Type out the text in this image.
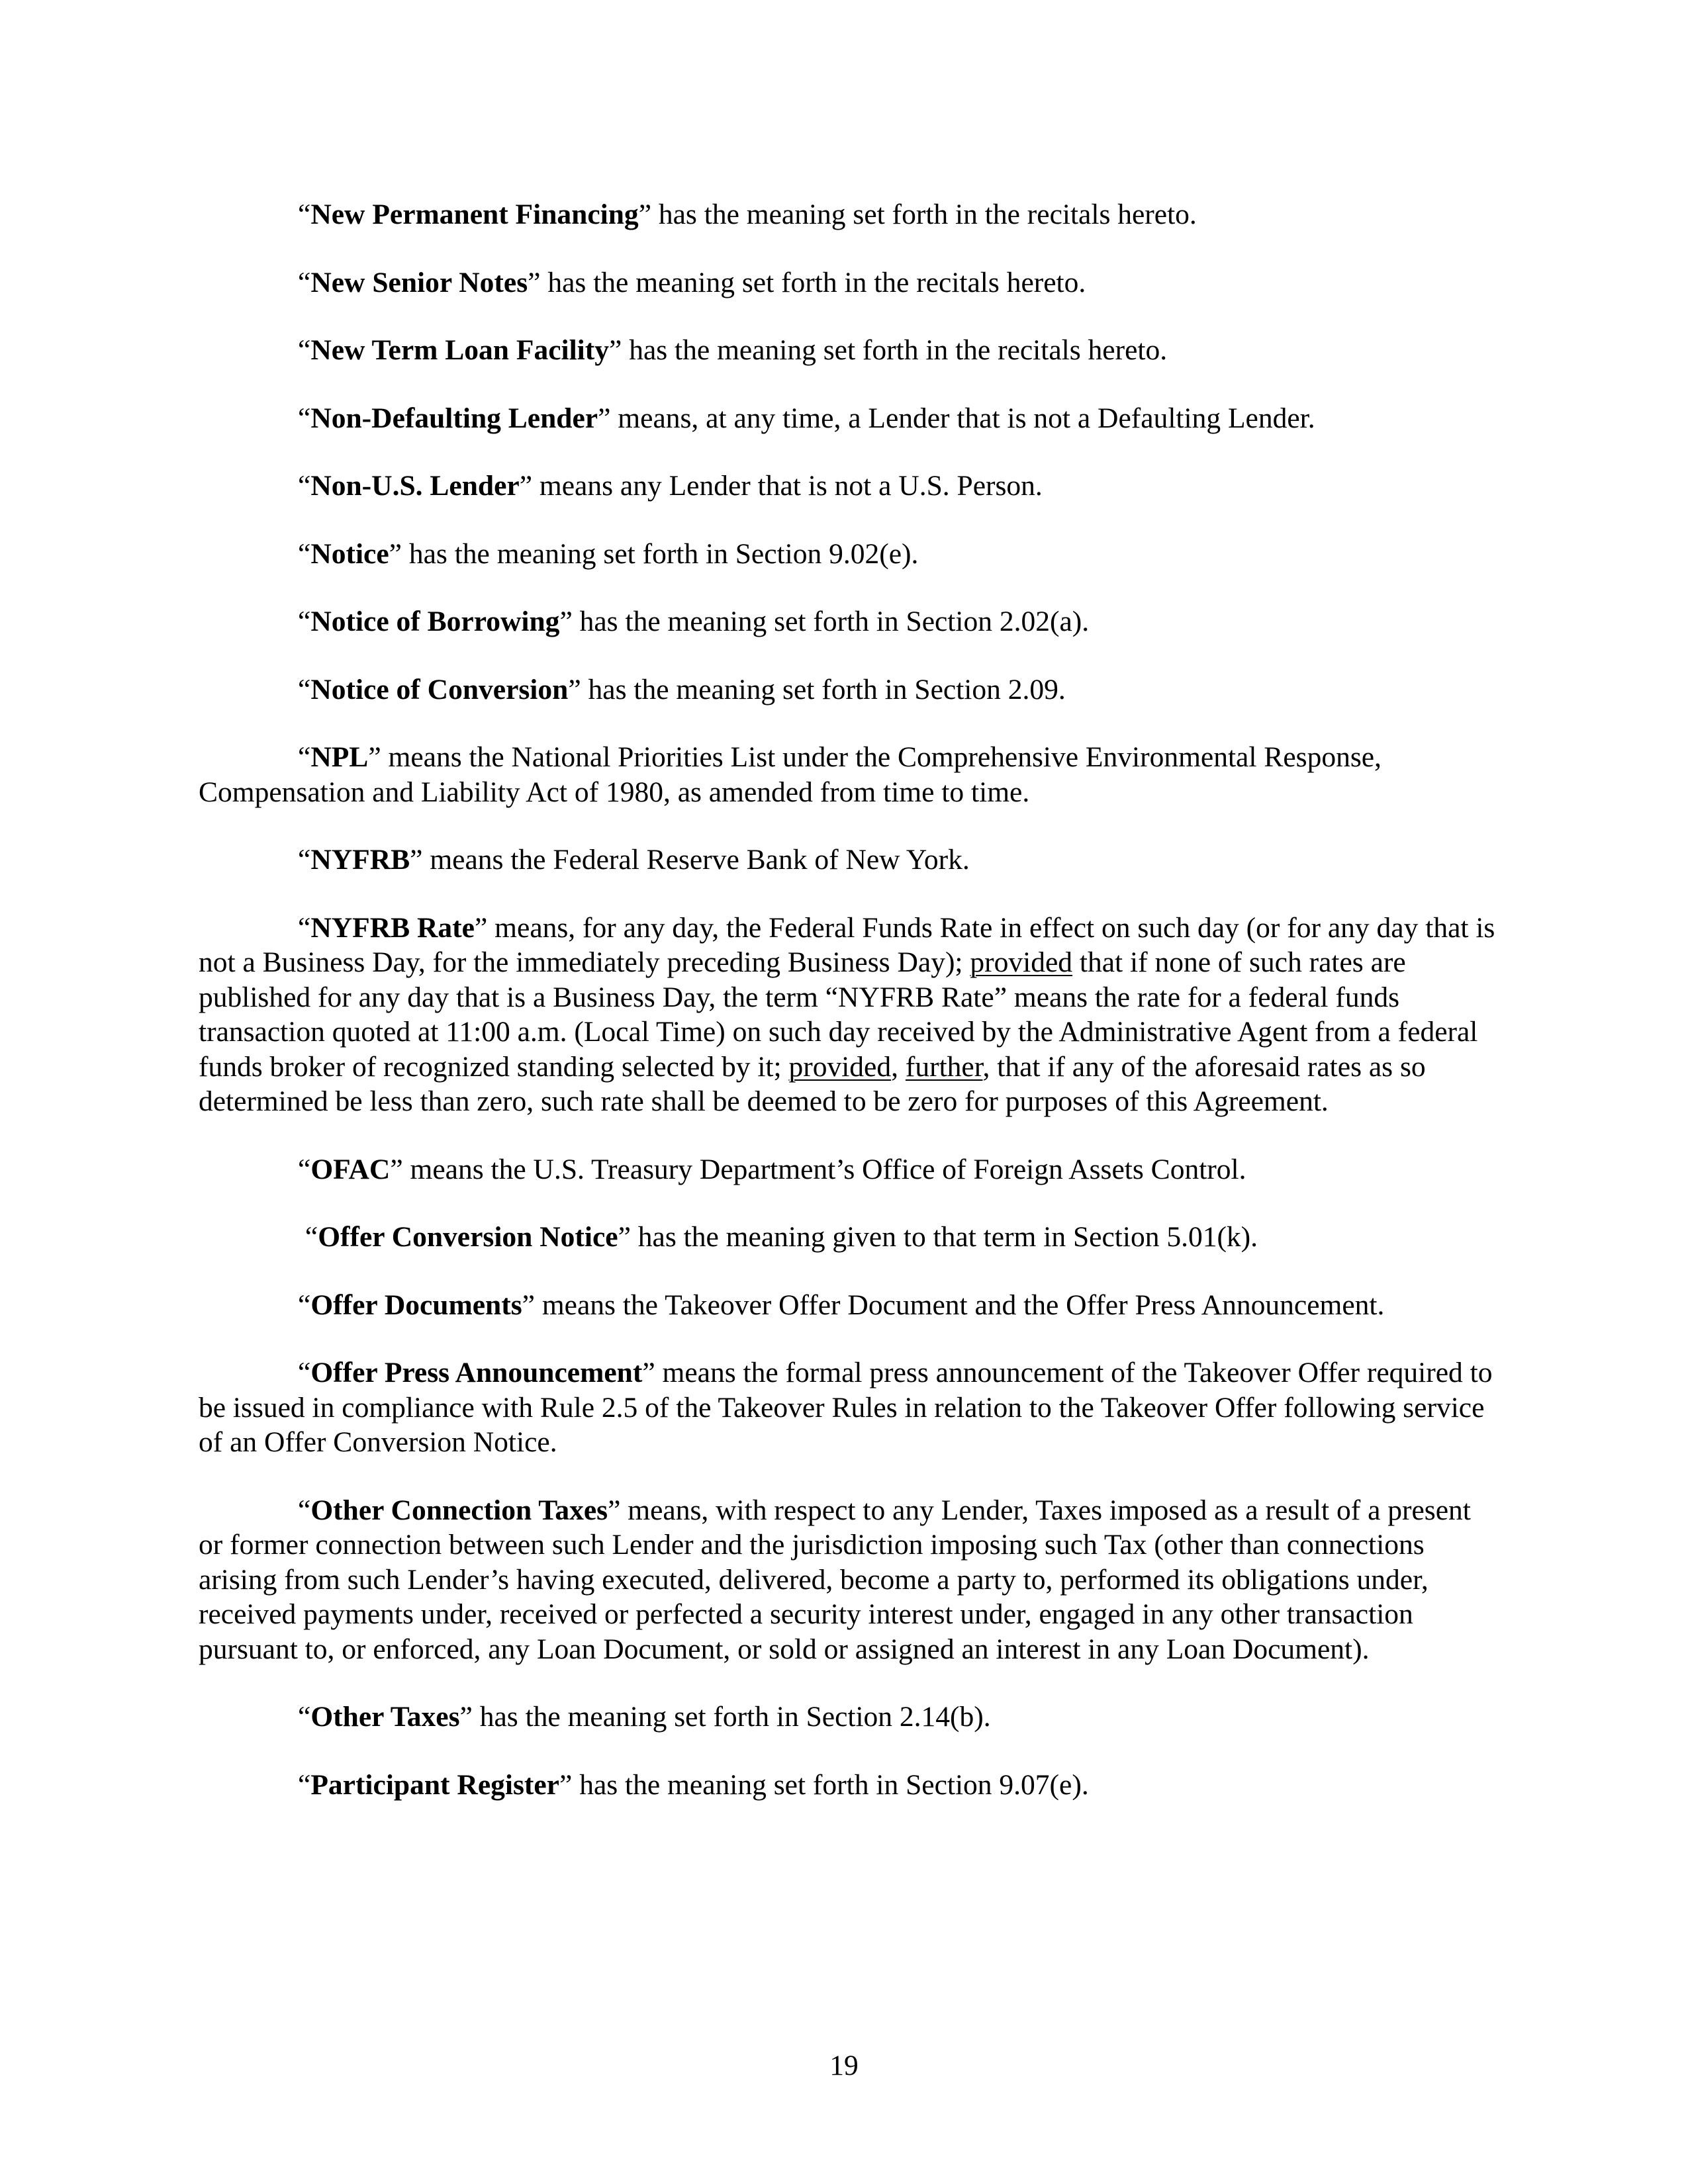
“New Permanent Financing” has the meaning set forth in the recitals hereto.

“New Senior Notes” has the meaning set forth in the recitals hereto.

“New Term Loan Facility” has the meaning set forth in the recitals hereto.

“Non-Defaulting Lender” means, at any time, a Lender that is not a Defaulting Lender.

“Non-U.S. Lender” means any Lender that is not a U.S. Person.

“Notice” has the meaning set forth in Section 9.02(e).

“Notice of Borrowing” has the meaning set forth in Section 2.02(a).

“Notice of Conversion” has the meaning set forth in Section 2.09.

“NPL” means the National Priorities List under the Comprehensive Environmental Response, Compensation and Liability Act of 1980, as amended from time to time.

“NYFRB” means the Federal Reserve Bank of New York.

“NYFRB Rate” means, for any day, the Federal Funds Rate in effect on such day (or for any day that is not a Business Day, for the immediately preceding Business Day); provided that if none of such rates are published for any day that is a Business Day, the term “NYFRB Rate” means the rate for a federal funds transaction quoted at 11:00 a.m. (Local Time) on such day received by the Administrative Agent from a federal funds broker of recognized standing selected by it; provided, further, that if any of the aforesaid rates as so determined be less than zero, such rate shall be deemed to be zero for purposes of this Agreement.

“OFAC” means the U.S. Treasury Department’s Office of Foreign Assets Control.

“Offer Conversion Notice” has the meaning given to that term in Section 5.01(k).

“Offer Documents” means the Takeover Offer Document and the Offer Press Announcement.

“Offer Press Announcement” means the formal press announcement of the Takeover Offer required to be issued in compliance with Rule 2.5 of the Takeover Rules in relation to the Takeover Offer following service of an Offer Conversion Notice.

“Other Connection Taxes” means, with respect to any Lender, Taxes imposed as a result of a present or former connection between such Lender and the jurisdiction imposing such Tax (other than connections arising from such Lender’s having executed, delivered, become a party to, performed its obligations under, received payments under, received or perfected a security interest under, engaged in any other transaction pursuant to, or enforced, any Loan Document, or sold or assigned an interest in any Loan Document).

“Other Taxes” has the meaning set forth in Section 2.14(b).

“Participant Register” has the meaning set forth in Section 9.07(e).

19
